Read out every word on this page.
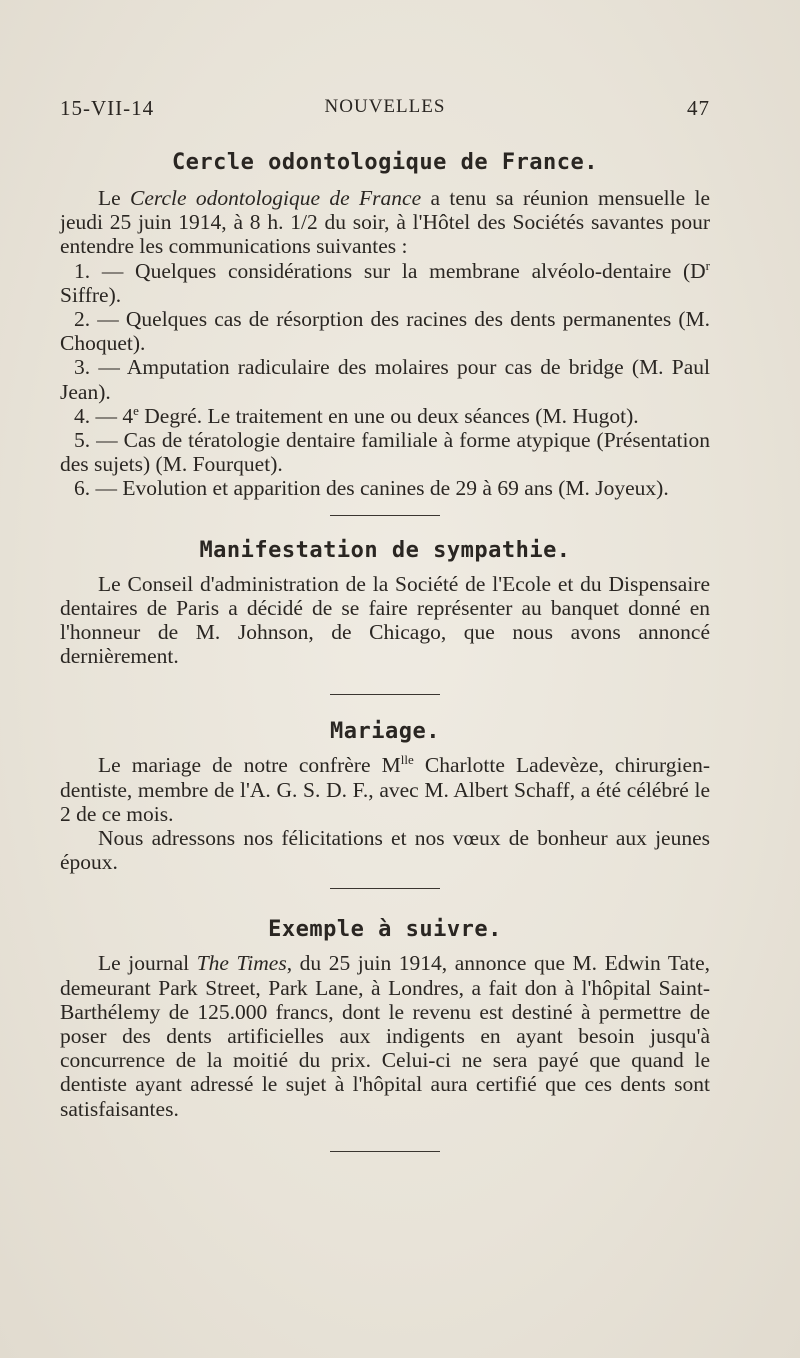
15-VII-14	NOUVELLES	47
Cercle odontologique de France.

Le Cercle odontologique de France a tenu sa réunion mensuelle le jeudi 25 juin 1914, à 8 h. 1/2 du soir, à l'Hôtel des Sociétés savantes pour entendre les communications suivantes :

1. — Quelques considérations sur la membrane alvéolo-dentaire ($D^r$ Siffre).

2. — Quelques cas de résorption des racines des dents permanentes (M. Choquet).

3. — Amputation radiculaire des molaires pour cas de bridge (M. Paul Jean).

4. — 4e Degré. Le traitement en une ou deux séances (M. Hugot).

5. — Cas de tératologie dentaire familiale à forme atypique (Présentation des sujets) (M. Fourquet).

6. — Evolution et apparition des canines de 29 à 69 ans (M. Joyeux).

Manifestation de sympathie.

Le Conseil d'administration de la Société de l'Ecole et du Dispensaire dentaires de Paris a décidé de se faire représenter au banquet donné en l'honneur de M. Johnson, de Chicago, que nous avons annoncé dernièrement.

Mariage.

Le mariage de notre confrère $M^{lle}$ Charlotte Ladevèze, chirurgien-dentiste, membre de l'A. G. S. D. F., avec M. Albert Schaff, a été célébré le 2 de ce mois.

Nous adressons nos félicitations et nos vœux de bonheur aux jeunes époux.

Exemple à suivre.

Le journal The Times, du 25 juin 1914, annonce que M. Edwin Tate, demeurant Park Street, Park Lane, à Londres, a fait don à l'hôpital Saint-Barthélemy de 125.000 francs, dont le revenu est destiné à permettre de poser des dents artificielles aux indigents en ayant besoin jusqu'à concurrence de la moitié du prix. Celui-ci ne sera payé que quand le dentiste ayant adressé le sujet à l'hôpital aura certifié que ces dents sont satisfaisantes.
